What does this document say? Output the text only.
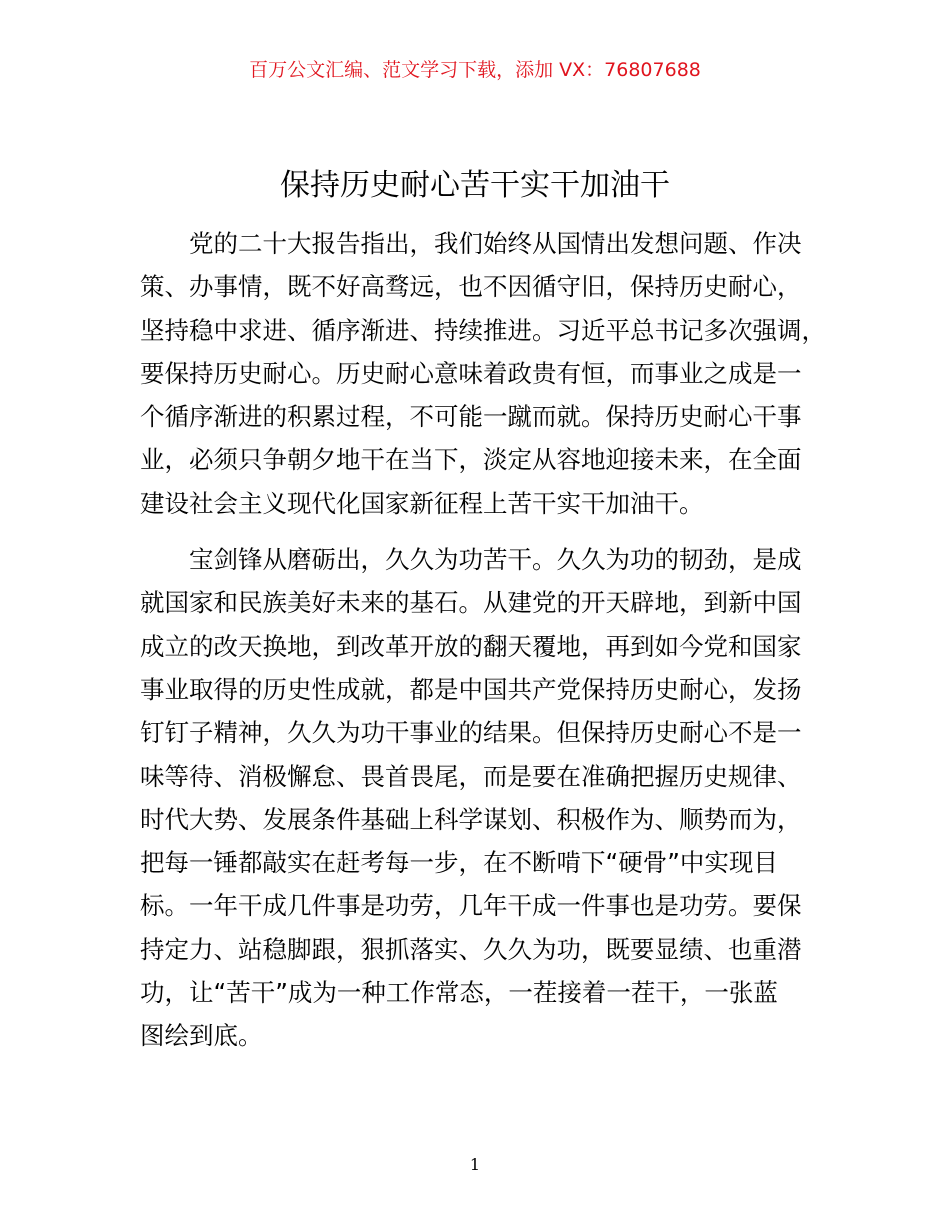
百万公文汇编、范文学习下载，添加 VX：76807688
保持历史耐心苦干实干加油干
　　党的二十大报告指出，我们始终从国情出发想问题、作决
策、办事情，既不好高骛远，也不因循守旧，保持历史耐心，
坚持稳中求进、循序渐进、持续推进。习近平总书记多次强调，
要保持历史耐心。历史耐心意味着政贵有恒，而事业之成是一
个循序渐进的积累过程，不可能一蹴而就。保持历史耐心干事
业，必须只争朝夕地干在当下，淡定从容地迎接未来，在全面
建设社会主义现代化国家新征程上苦干实干加油干。
　　宝剑锋从磨砺出，久久为功苦干。久久为功的韧劲，是成
就国家和民族美好未来的基石。从建党的开天辟地，到新中国
成立的改天换地，到改革开放的翻天覆地，再到如今党和国家
事业取得的历史性成就，都是中国共产党保持历史耐心，发扬
钉钉子精神，久久为功干事业的结果。但保持历史耐心不是一
味等待、消极懈怠、畏首畏尾，而是要在准确把握历史规律、
时代大势、发展条件基础上科学谋划、积极作为、顺势而为，
把每一锤都敲实在赶考每一步，在不断啃下“硬骨”中实现目
标。一年干成几件事是功劳，几年干成一件事也是功劳。要保
持定力、站稳脚跟，狠抓落实、久久为功，既要显绩、也重潜
功，让“苦干”成为一种工作常态，一茬接着一茬干，一张蓝
图绘到底。
1
